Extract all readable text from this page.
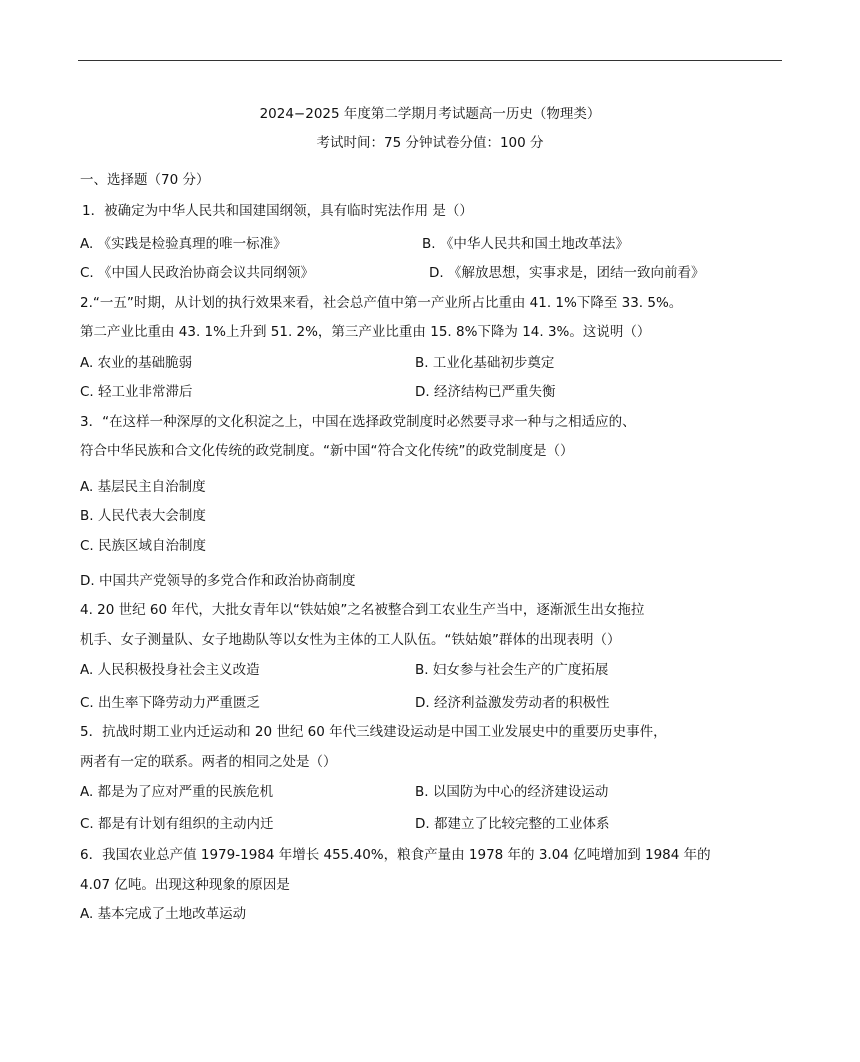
2024−2025 年度第二学期月考试题高一历史（物理类）
考试时间：75 分钟试卷分值：100 分
一、选择题（70 分）
1．被确定为中华人民共和国建国纲领，具有临时宪法作用 是（）
A. 《实践是检验真理的唯一标准》	B. 《中华人民共和国土地改革法》
C. 《中国人民政治协商会议共同纲领》	D. 《解放思想，实事求是，团结一致向前看》
2.“一五”时期，从计划的执行效果来看，社会总产值中第一产业所占比重由 41. 1%下降至 33. 5%。
第二产业比重由 43. 1%上升到 51. 2%，第三产业比重由 15. 8%下降为 14. 3%。这说明（）
A. 农业的基础脆弱	B. 工业化基础初步奠定
C. 轻工业非常滞后	D. 经济结构已严重失衡
3．“在这样一种深厚的文化积淀之上，中国在选择政党制度时必然要寻求一种与之相适应的、
符合中华民族和合文化传统的政党制度。“新中国“符合文化传统”的政党制度是（）
A. 基层民主自治制度
B. 人民代表大会制度
C. 民族区域自治制度
D. 中国共产党领导的多党合作和政治协商制度
4. 20 世纪 60 年代，大批女青年以“铁姑娘”之名被整合到工农业生产当中，逐渐派生出女拖拉
机手、女子测量队、女子地勘队等以女性为主体的工人队伍。“铁姑娘”群体的出现表明（）
A. 人民积极投身社会主义改造	B. 妇女参与社会生产的广度拓展
C. 出生率下降劳动力严重匮乏	D. 经济利益激发劳动者的积极性
5．抗战时期工业内迁运动和 20 世纪 60 年代三线建设运动是中国工业发展史中的重要历史事件，
两者有一定的联系。两者的相同之处是（）
A. 都是为了应对严重的民族危机	B. 以国防为中心的经济建设运动
C. 都是有计划有组织的主动内迁	D. 都建立了比较完整的工业体系
6．我国农业总产值 1979-1984 年增长 455.40%，粮食产量由 1978 年的 3.04 亿吨增加到 1984 年的
4.07 亿吨。出现这种现象的原因是
A. 基本完成了土地改革运动
